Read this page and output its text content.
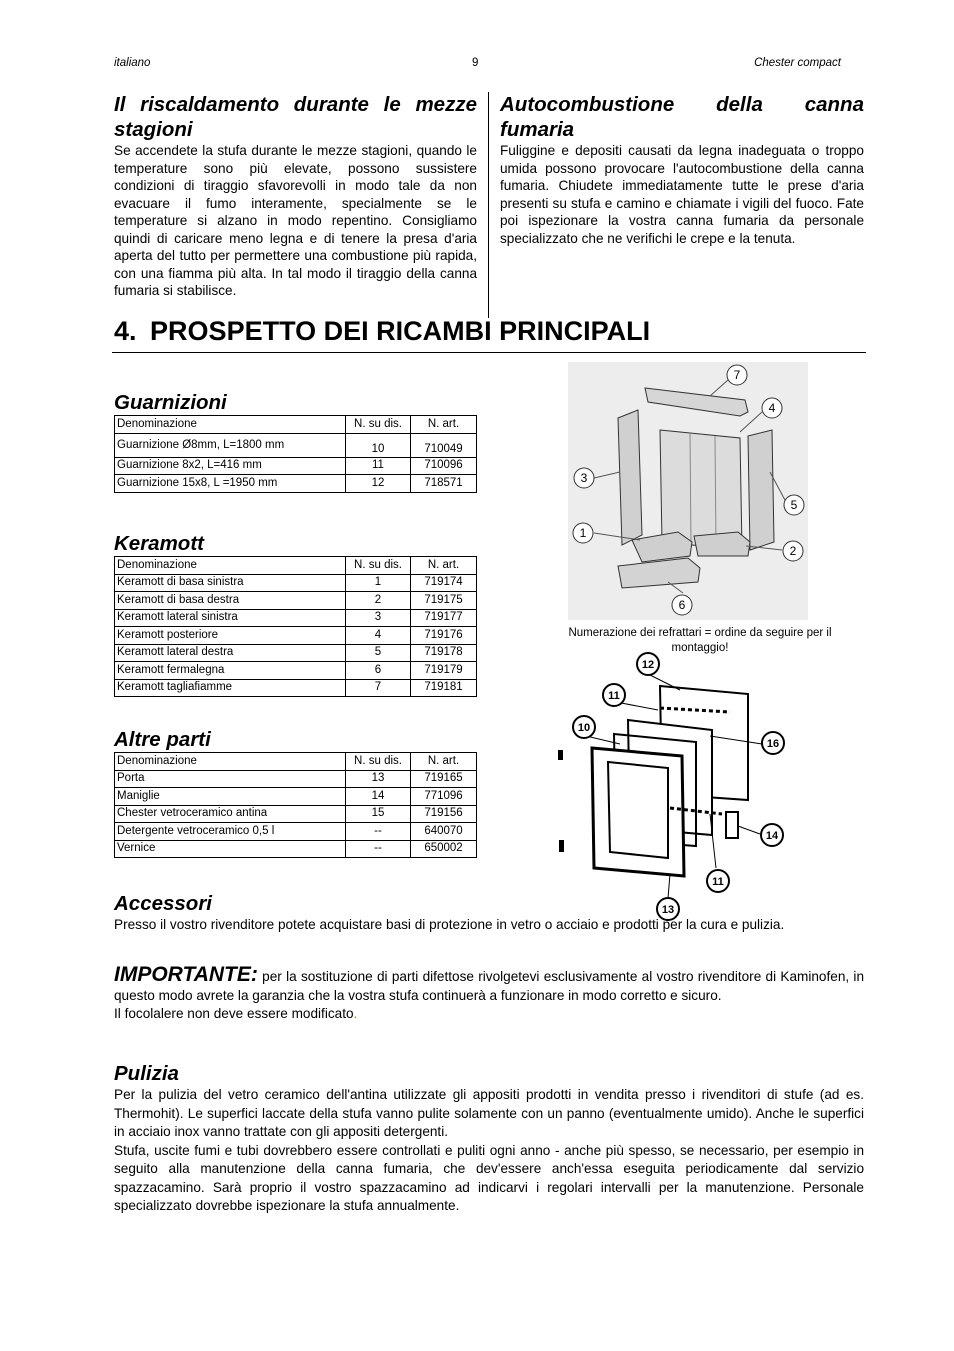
italiano	9	Chester compact
Il riscaldamento durante le mezze stagioni
Se accendete la stufa durante le mezze stagioni, quando le temperature sono più elevate, possono sussistere condizioni di tiraggio sfavorevolli in modo tale da non evacuare il fumo interamente, specialmente se le temperature si alzano in modo repentino. Consigliamo quindi di caricare meno legna e di tenere la presa d'aria aperta del tutto per permettere una combustione più rapida, con una fiamma più alta. In tal modo il tiraggio della canna fumaria si stabilisce.
Autocombustione della canna
fumaria
Fuliggine e depositi causati da legna inadeguata o troppo umida possono provocare l'autocombustione della canna fumaria. Chiudete immediatamente tutte le prese d'aria presenti su stufa e camino e chiamate i vigili del fuoco. Fate poi ispezionare la vostra canna fumaria da personale specializzato che ne verifichi le crepe e la tenuta.
4. PROSPETTO DEI RICAMBI PRINCIPALI
Guarnizioni
Denominazione	N. su dis.	N. art.
Guarnizione Ø8mm, L=1800 mm	10	710049
Guarnizione 8x2, L=416 mm	11	710096
Guarnizione 15x8, L =1950 mm	12	718571
Keramott
Denominazione	N. su dis.	N. art.
Keramott di basa sinistra	1	719174
Keramott di basa destra	2	719175
Keramott lateral sinistra	3	719177
Keramott posteriore	4	719176
Keramott lateral destra	5	719178
Keramott fermalegna	6	719179
Keramott tagliafiamme	7	719181
Altre parti
Denominazione	N. su dis.	N. art.
Porta	13	719165
Maniglie	14	771096
Chester vetroceramico antina	15	719156
Detergente vetroceramico 0,5 l	--	640070
Vernice	--	650002
7
4
3
5
1
2
6
Numerazione dei refrattari = ordine da seguire per il montaggio!
12
11
10
16
14
11
13
Accessori
Presso il vostro rivenditore potete acquistare basi di protezione in vetro o acciaio e prodotti per la cura e pulizia.
IMPORTANTE: per la sostituzione di parti difettose rivolgetevi esclusivamente al vostro rivenditore di Kaminofen, in questo modo avrete la garanzia che la vostra stufa continuerà a funzionare in modo corretto e sicuro.
Il focolalere non deve essere modificato.
Pulizia
Per la pulizia del vetro ceramico dell'antina utilizzate gli appositi prodotti in vendita presso i rivenditori di stufe (ad es. Thermohit). Le superfici laccate della stufa vanno pulite solamente con un panno (eventualmente umido). Anche le superfici in acciaio inox vanno trattate con gli appositi detergenti.
Stufa, uscite fumi e tubi dovrebbero essere controllati e puliti ogni anno - anche più spesso, se necessario, per esempio in seguito alla manutenzione della canna fumaria, che dev'essere anch'essa eseguita periodicamente dal servizio spazzacamino. Sarà proprio il vostro spazzacamino ad indicarvi i regolari intervalli per la manutenzione. Personale specializzato dovrebbe ispezionare la stufa annualmente.
